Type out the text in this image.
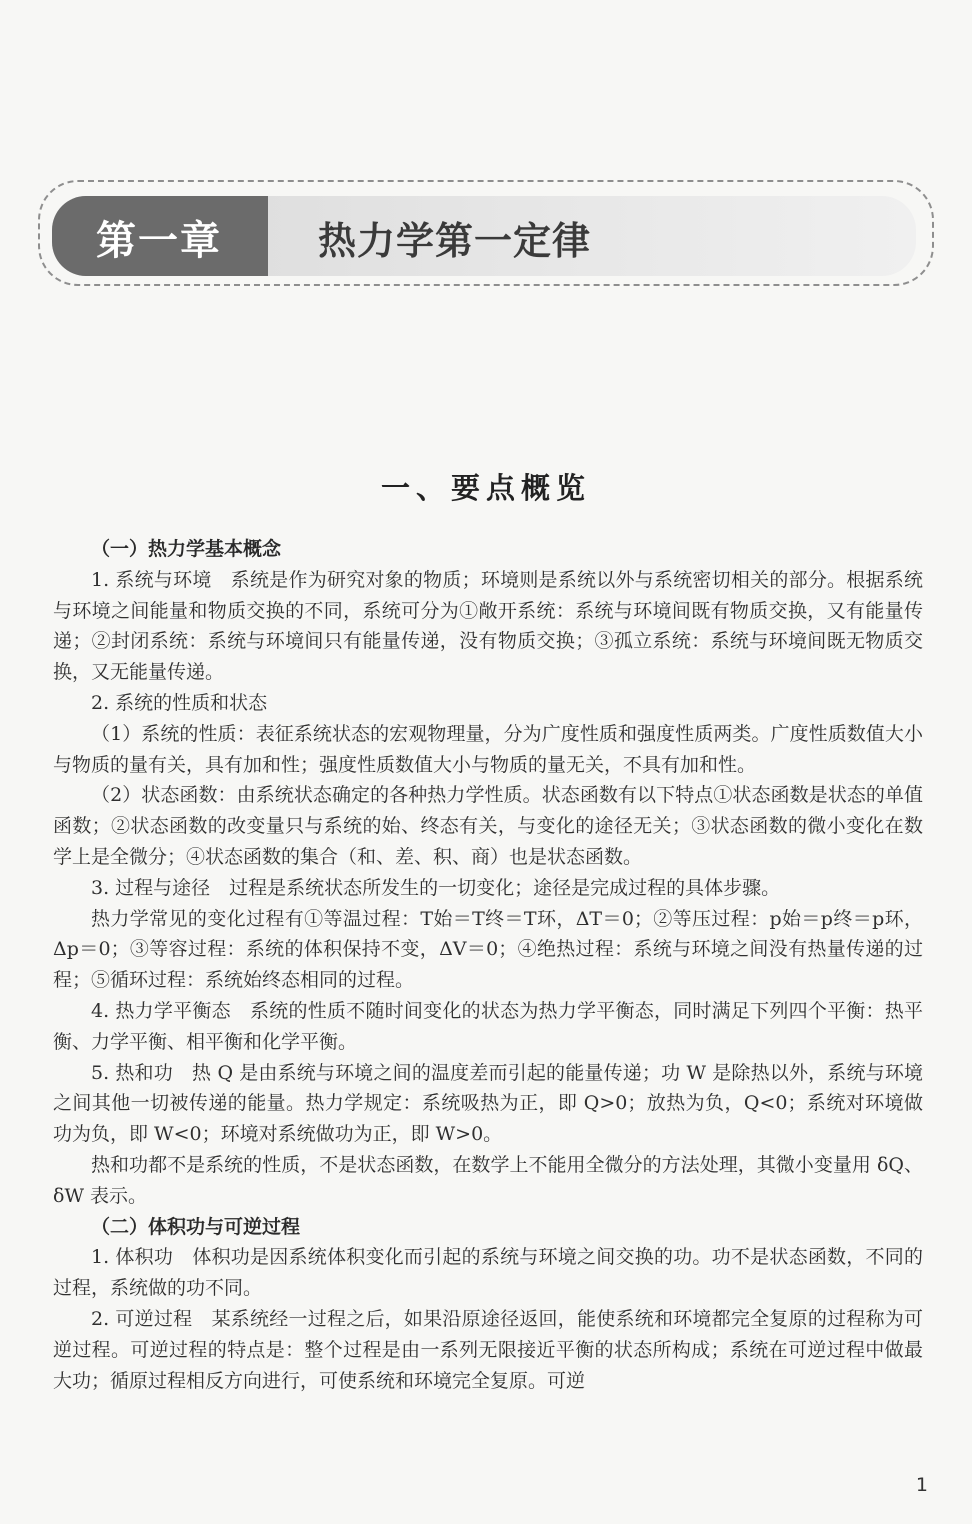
第一章	热力学第一定律
一、要点概览
（一）热力学基本概念

1. 系统与环境　系统是作为研究对象的物质；环境则是系统以外与系统密切相关的部分。根据系统与环境之间能量和物质交换的不同，系统可分为①敞开系统：系统与环境间既有物质交换，又有能量传递；②封闭系统：系统与环境间只有能量传递，没有物质交换；③孤立系统：系统与环境间既无物质交换，又无能量传递。

2. 系统的性质和状态

（1）系统的性质：表征系统状态的宏观物理量，分为广度性质和强度性质两类。广度性质数值大小与物质的量有关，具有加和性；强度性质数值大小与物质的量无关，不具有加和性。

（2）状态函数：由系统状态确定的各种热力学性质。状态函数有以下特点①状态函数是状态的单值函数；②状态函数的改变量只与系统的始、终态有关，与变化的途径无关；③状态函数的微小变化在数学上是全微分；④状态函数的集合（和、差、积、商）也是状态函数。

3. 过程与途径　过程是系统状态所发生的一切变化；途径是完成过程的具体步骤。

热力学常见的变化过程有①等温过程：T始＝T终＝T环，ΔT＝0；②等压过程：p始＝p终＝p环，Δp＝0；③等容过程：系统的体积保持不变，ΔV＝0；④绝热过程：系统与环境之间没有热量传递的过程；⑤循环过程：系统始终态相同的过程。

4. 热力学平衡态　系统的性质不随时间变化的状态为热力学平衡态，同时满足下列四个平衡：热平衡、力学平衡、相平衡和化学平衡。

5. 热和功　热 Q 是由系统与环境之间的温度差而引起的能量传递；功 W 是除热以外，系统与环境之间其他一切被传递的能量。热力学规定：系统吸热为正，即 Q>0；放热为负，Q<0；系统对环境做功为负，即 W<0；环境对系统做功为正，即 W>0。

热和功都不是系统的性质，不是状态函数，在数学上不能用全微分的方法处理，其微小变量用 δQ、δW 表示。

（二）体积功与可逆过程

1. 体积功　体积功是因系统体积变化而引起的系统与环境之间交换的功。功不是状态函数，不同的过程，系统做的功不同。

2. 可逆过程　某系统经一过程之后，如果沿原途径返回，能使系统和环境都完全复原的过程称为可逆过程。可逆过程的特点是：整个过程是由一系列无限接近平衡的状态所构成；系统在可逆过程中做最大功；循原过程相反方向进行，可使系统和环境完全复原。可逆

1
